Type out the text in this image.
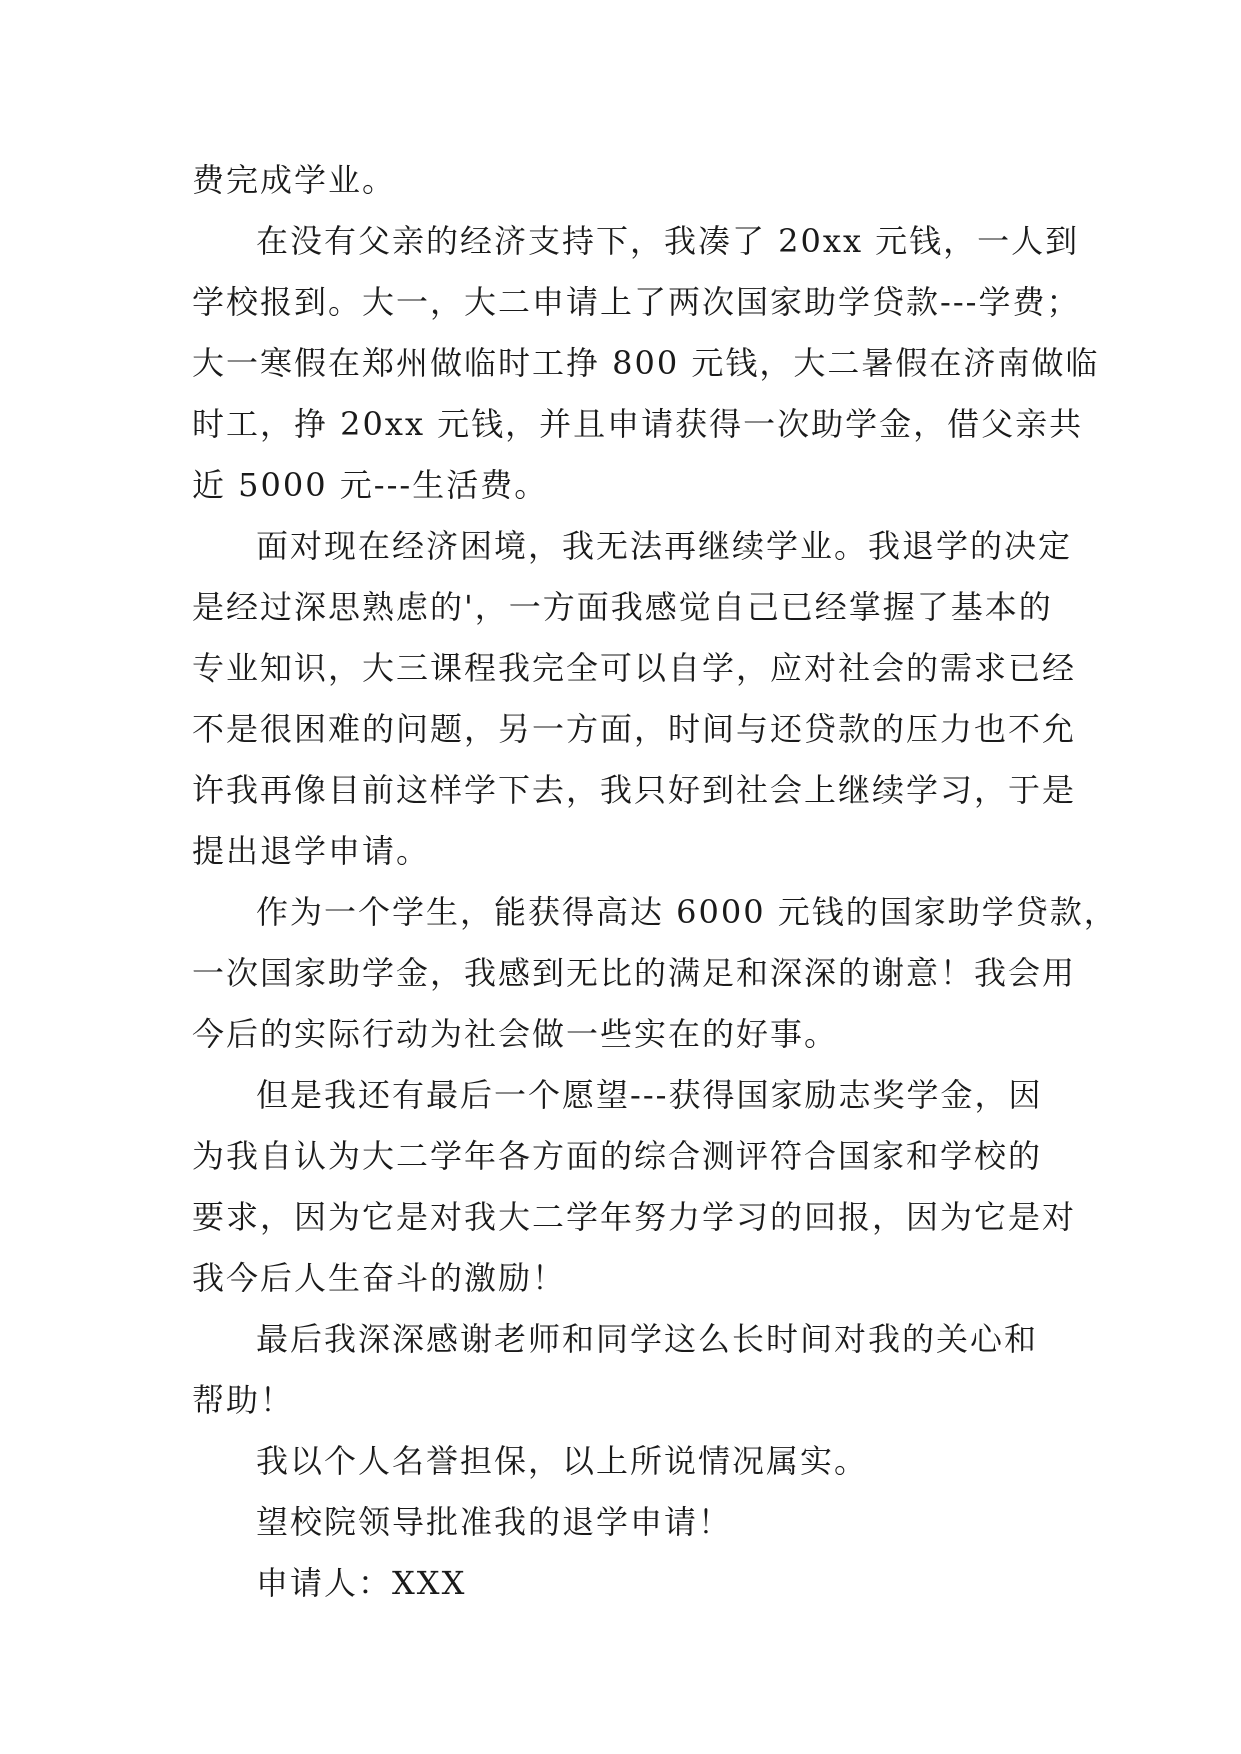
费完成学业。
在没有父亲的经济支持下，我凑了 20xx 元钱，一人到
学校报到。大一，大二申请上了两次国家助学贷款---学费；
大一寒假在郑州做临时工挣 800 元钱，大二暑假在济南做临
时工，挣 20xx 元钱，并且申请获得一次助学金，借父亲共
近 5000 元---生活费。
面对现在经济困境，我无法再继续学业。我退学的决定
是经过深思熟虑的'，一方面我感觉自己已经掌握了基本的
专业知识，大三课程我完全可以自学，应对社会的需求已经
不是很困难的问题，另一方面，时间与还贷款的压力也不允
许我再像目前这样学下去，我只好到社会上继续学习，于是
提出退学申请。
作为一个学生，能获得高达 6000 元钱的国家助学贷款，
一次国家助学金，我感到无比的满足和深深的谢意！我会用
今后的实际行动为社会做一些实在的好事。
但是我还有最后一个愿望---获得国家励志奖学金，因
为我自认为大二学年各方面的综合测评符合国家和学校的
要求，因为它是对我大二学年努力学习的回报，因为它是对
我今后人生奋斗的激励！
最后我深深感谢老师和同学这么长时间对我的关心和
帮助！
我以个人名誉担保，以上所说情况属实。
望校院领导批准我的退学申请！
申请人：XXX
